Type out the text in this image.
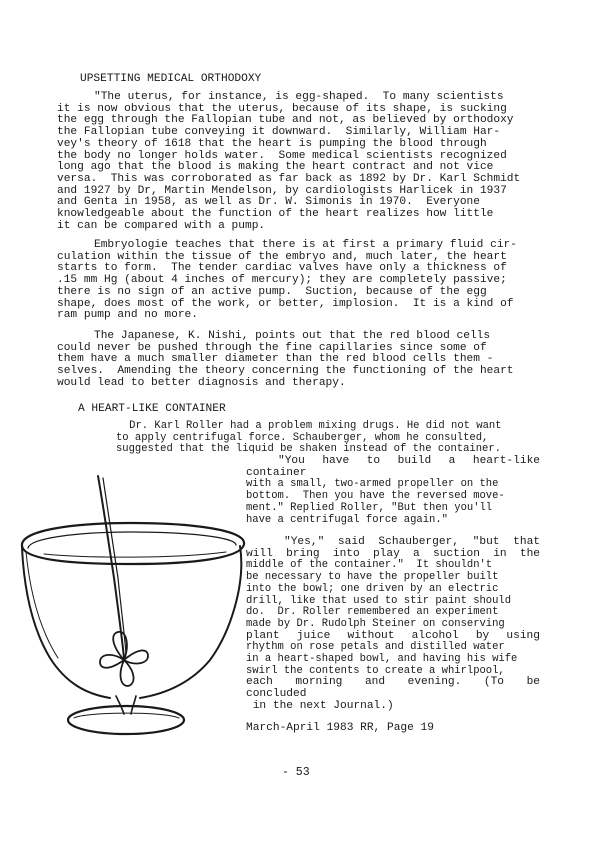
UPSETTING MEDICAL ORTHODOXY
"The uterus, for instance, is egg-shaped.  To many scientists
it is now obvious that the uterus, because of its shape, is sucking
the egg through the Fallopian tube and not, as believed by orthodoxy
the Fallopian tube conveying it downward.  Similarly, William Har-
vey's theory of 1618 that the heart is pumping the blood through
the body no longer holds water.  Some medical scientists recognized
long ago that the blood is making the heart contract and not vice
versa.  This was corroborated as far back as 1892 by Dr. Karl Schmidt
and 1927 by Dr, Martin Mendelson, by cardiologists Harlicek in 1937
and Genta in 1958, as well as Dr. W. Simonis in 1970.  Everyone
knowledgeable about the function of the heart realizes how little
it can be compared with a pump.
Embryologie teaches that there is at first a primary fluid cir-
culation within the tissue of the embryo and, much later, the heart
starts to form.  The tender cardiac valves have only a thickness of
.15 mm Hg (about 4 inches of mercury); they are completely passive;
there is no sign of an active pump.  Suction, because of the egg
shape, does most of the work, or better, implosion.  It is a kind of
ram pump and no more.
The Japanese, K. Nishi, points out that the red blood cells
could never be pushed through the fine capillaries since some of
them have a much smaller diameter than the red blood cells them -
selves.  Amending the theory concerning the functioning of the heart
would lead to better diagnosis and therapy.
A HEART-LIKE CONTAINER
Dr. Karl Roller had a problem mixing drugs. He did not want
to apply centrifugal force. Schauberger, whom he consulted,
suggested that the liquid be shaken instead of the container.
"You have to build a heart-like
container
with a small, two-armed propeller on the
bottom.  Then you have the reversed move-
ment." Replied Roller, "But then you'll
have a centrifugal force again."
"Yes," said Schauberger, "but that
will bring into play a suction in the
middle of the container."  It shouldn't
be necessary to have the propeller built
into the bowl; one driven by an electric
drill, like that used to stir paint should
do.  Dr. Roller remembered an experiment
made by Dr. Rudolph Steiner on conserving
plant juice without alcohol by using
rhythm on rose petals and distilled water
in a heart-shaped bowl, and having his wife
swirl the contents to create a whirlpool,
each morning and evening. (To be
concluded
in the next Journal.)
March-April 1983 RR, Page 19
- 53
